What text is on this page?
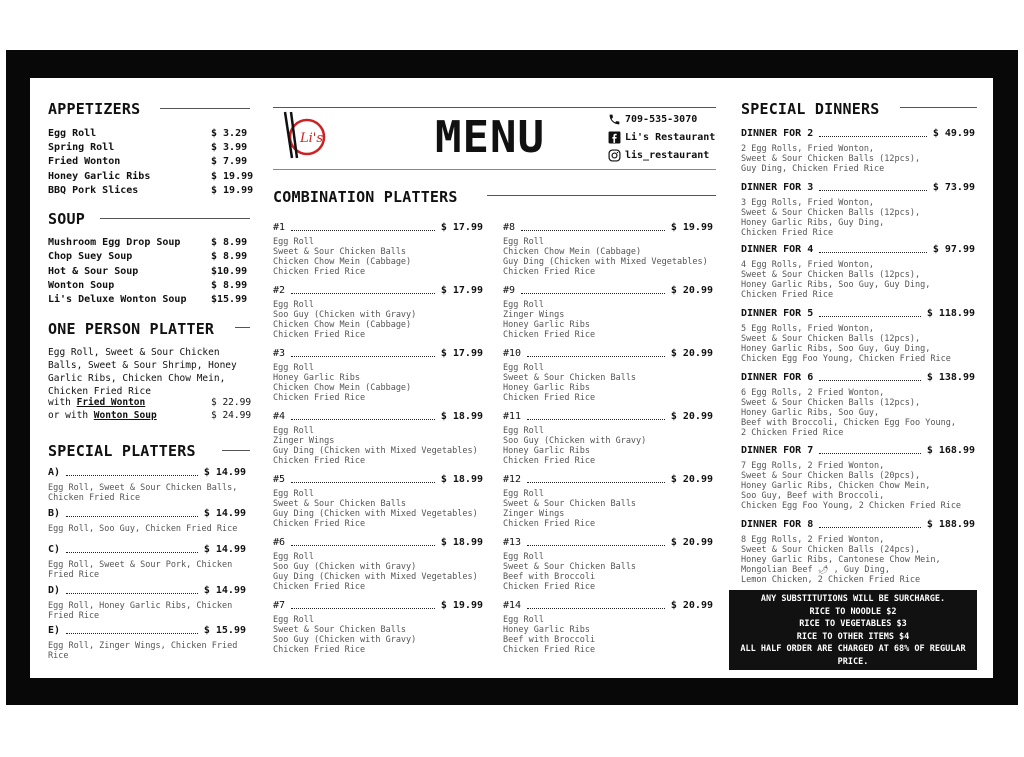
APPETIZERS
Egg Roll	$ 3.29
Spring Roll	$ 3.99
Fried Wonton	$ 7.99
Honey Garlic Ribs	$ 19.99
BBQ Pork Slices	$ 19.99
SOUP
Mushroom Egg Drop Soup	$ 8.99
Chop Suey Soup	$ 8.99
Hot & Sour Soup	$10.99
Wonton Soup	$ 8.99
Li's Deluxe Wonton Soup $15.99
ONE PERSON PLATTER
Egg Roll, Sweet & Sour Chicken Balls, Sweet & Sour Shrimp, Honey Garlic Ribs, Chicken Chow Mein, Chicken Fried Rice
with Fried Wonton	$ 22.99
or with Wonton Soup	$ 24.99
SPECIAL PLATTERS
A)	$ 14.99
Egg Roll, Sweet & Sour Chicken Balls,
Chicken Fried Rice
B)	$ 14.99
Egg Roll, Soo Guy, Chicken Fried Rice
C)	$ 14.99
Egg Roll, Sweet & Sour Pork, Chicken
Fried Rice
D)	$ 14.99
Egg Roll, Honey Garlic Ribs, Chicken
Fried Rice
E)	$ 15.99
Egg Roll, Zinger Wings, Chicken Fried
Rice
Li's	MENU	709-535-3070
Li's Restaurant
lis_restaurant
COMBINATION PLATTERS
#1	$ 17.99
Egg Roll
Sweet & Sour Chicken Balls
Chicken Chow Mein (Cabbage)
Chicken Fried Rice
#2	$ 17.99
Egg Roll
Soo Guy (Chicken with Gravy)
Chicken Chow Mein (Cabbage)
Chicken Fried Rice
#3	$ 17.99
Egg Roll
Honey Garlic Ribs
Chicken Chow Mein (Cabbage)
Chicken Fried Rice
#4	$ 18.99
Egg Roll
Zinger Wings
Guy Ding (Chicken with Mixed Vegetables)
Chicken Fried Rice
#5	$ 18.99
Egg Roll
Sweet & Sour Chicken Balls
Guy Ding (Chicken with Mixed Vegetables)
Chicken Fried Rice
#6	$ 18.99
Egg Roll
Soo Guy (Chicken with Gravy)
Guy Ding (Chicken with Mixed Vegetables)
Chicken Fried Rice
#7	$ 19.99
Egg Roll
Sweet & Sour Chicken Balls
Soo Guy (Chicken with Gravy)
Chicken Fried Rice
#8	$ 19.99
Egg Roll
Chicken Chow Mein (Cabbage)
Guy Ding (Chicken with Mixed Vegetables)
Chicken Fried Rice
#9	$ 20.99
Egg Roll
Zinger Wings
Honey Garlic Ribs
Chicken Fried Rice
#10	$ 20.99
Egg Roll
Sweet & Sour Chicken Balls
Honey Garlic Ribs
Chicken Fried Rice
#11	$ 20.99
Egg Roll
Soo Guy (Chicken with Gravy)
Honey Garlic Ribs
Chicken Fried Rice
#12	$ 20.99
Egg Roll
Sweet & Sour Chicken Balls
Zinger Wings
Chicken Fried Rice
#13	$ 20.99
Egg Roll
Sweet & Sour Chicken Balls
Beef with Broccoli
Chicken Fried Rice
#14	$ 20.99
Egg Roll
Honey Garlic Ribs
Beef with Broccoli
Chicken Fried Rice
SPECIAL DINNERS
DINNER FOR 2	$ 49.99
2 Egg Rolls, Fried Wonton,
Sweet & Sour Chicken Balls (12pcs),
Guy Ding, Chicken Fried Rice
DINNER FOR 3	$ 73.99
3 Egg Rolls, Fried Wonton,
Sweet & Sour Chicken Balls (12pcs),
Honey Garlic Ribs, Guy Ding,
Chicken Fried Rice
DINNER FOR 4	$ 97.99
4 Egg Rolls, Fried Wonton,
Sweet & Sour Chicken Balls (12pcs),
Honey Garlic Ribs, Soo Guy, Guy Ding,
Chicken Fried Rice
DINNER FOR 5	$ 118.99
5 Egg Rolls, Fried Wonton,
Sweet & Sour Chicken Balls (12pcs),
Honey Garlic Ribs, Soo Guy, Guy Ding,
Chicken Egg Foo Young, Chicken Fried Rice
DINNER FOR 6	$ 138.99
6 Egg Rolls, 2 Fried Wonton,
Sweet & Sour Chicken Balls (12pcs),
Honey Garlic Ribs, Soo Guy,
Beef with Broccoli, Chicken Egg Foo Young,
2 Chicken Fried Rice
DINNER FOR 7	$ 168.99
7 Egg Rolls, 2 Fried Wonton,
Sweet & Sour Chicken Balls (20pcs),
Honey Garlic Ribs, Chicken Chow Mein,
Soo Guy, Beef with Broccoli,
Chicken Egg Foo Young, 2 Chicken Fried Rice
DINNER FOR 8	$ 188.99
8 Egg Rolls, 2 Fried Wonton,
Sweet & Sour Chicken Balls (24pcs),
Honey Garlic Ribs, Cantonese Chow Mein,
Mongolian Beef 🌶 , Guy Ding,
Lemon Chicken, 2 Chicken Fried Rice
ANY SUBSTITUTIONS WILL BE SURCHARGE.
RICE TO NOODLE $2
RICE TO VEGETABLES $3
RICE TO OTHER ITEMS $4
ALL HALF ORDER ARE CHARGED AT 68% OF REGULAR
PRICE.
